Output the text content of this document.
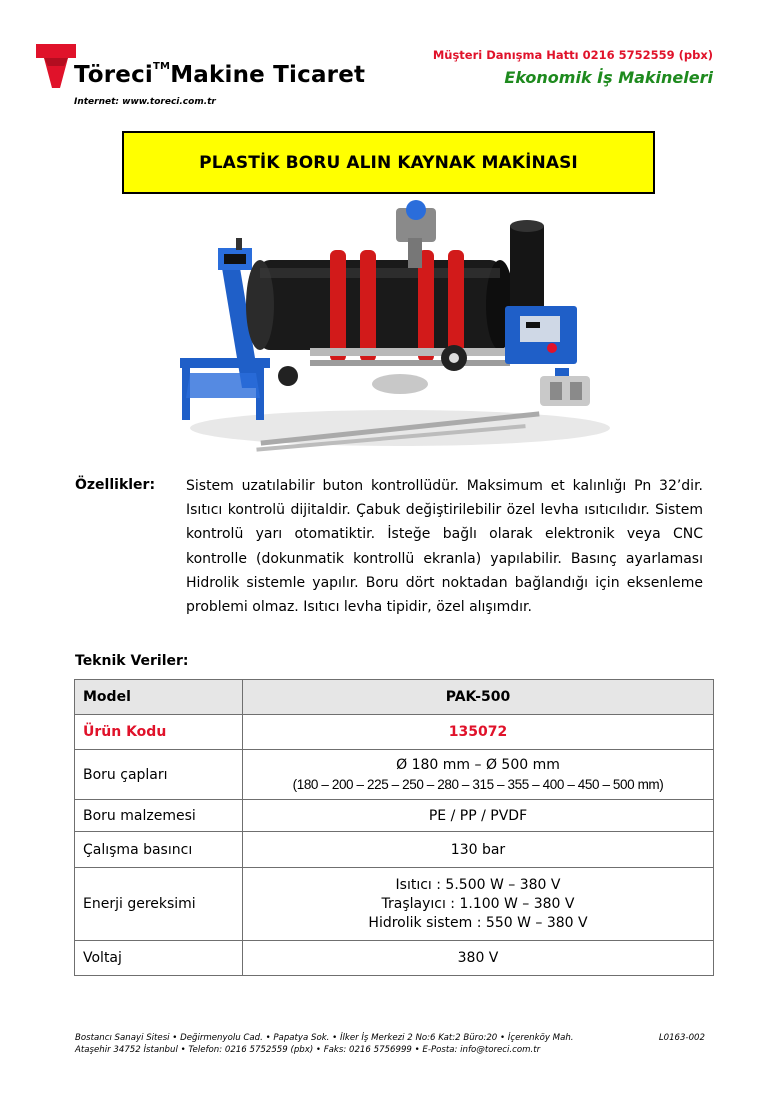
Töreci™Makine Ticaret
Internet: www.toreci.com.tr
Müşteri Danışma Hattı 0216 5752559 (pbx)
Ekonomik İş Makineleri
PLASTİK BORU ALIN KAYNAK MAKİNASI
Özellikler: Sistem uzatılabilir buton kontrollüdür. Maksimum et kalınlığı Pn 32’dir. Isıtıcı kontrolü dijitaldir. Çabuk değiştirilebilir özel levha ısıtıcılıdır. Sistem kontrolü yarı otomatiktir. İsteğe bağlı olarak elektronik veya CNC kontrolle (dokunmatik kontrollü ekranla) yapılabilir. Basınç ayarlaması Hidrolik sistemle yapılır. Boru dört noktadan bağlandığı için eksenleme problemi olmaz. Isıtıcı levha tipidir, özel alışımdır.
Teknik Veriler:
Model	PAK-500
Ürün Kodu	135072
Boru çapları	Ø 180 mm – Ø 500 mm
(180 – 200 – 225 – 250 – 280 – 315 – 355 – 400 – 450 – 500 mm)

Boru malzemesi	PE / PP / PVDF
Çalışma basıncı	130 bar
Enerji gereksimi	Isıtıcı : 5.500 W – 380 V
Traşlayıcı : 1.100 W – 380 V
Hidrolik sistem : 550 W – 380 V

Voltaj	380 V
Bostancı Sanayi Sitesi • Değirmenyolu Cad. • Papatya Sok. • İlker İş Merkezi 2 No:6 Kat:2 Büro:20 • İçerenköy Mah.
Ataşehir 34752 İstanbul • Telefon: 0216 5752559 (pbx) • Faks: 0216 5756999 • E-Posta: info@toreci.com.tr
L0163-002
